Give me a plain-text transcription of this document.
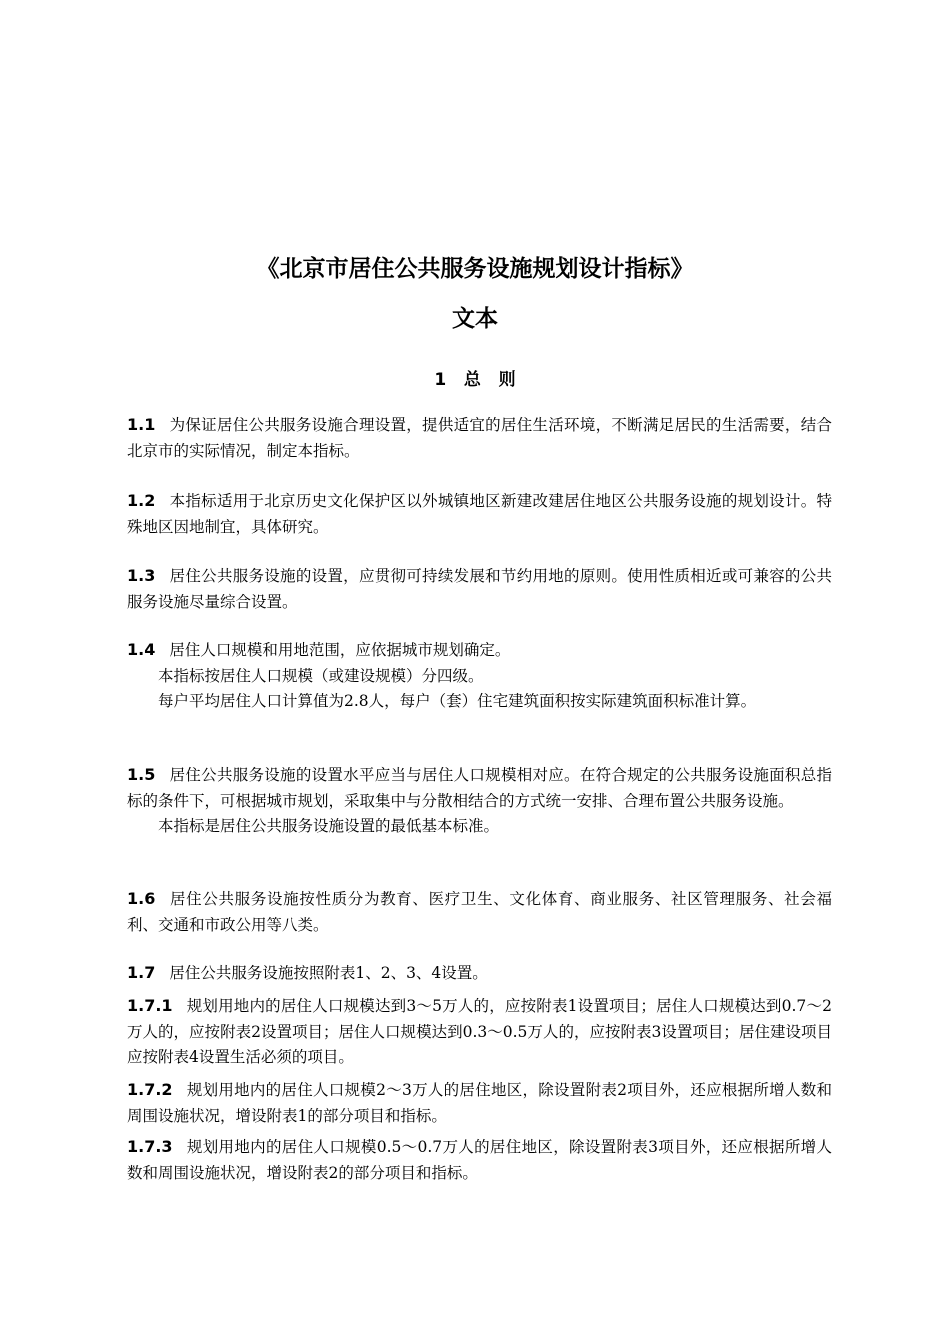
《北京市居住公共服务设施规划设计指标》
文本
1   总   则

1.1 为保证居住公共服务设施合理设置，提供适宜的居住生活环境，不断满足居民的生活需要，结合北京市的实际情况，制定本指标。

1.2 本指标适用于北京历史文化保护区以外城镇地区新建改建居住地区公共服务设施的规划设计。特殊地区因地制宜，具体研究。

1.3 居住公共服务设施的设置，应贯彻可持续发展和节约用地的原则。使用性质相近或可兼容的公共服务设施尽量综合设置。

1.4 居住人口规模和用地范围，应依据城市规划确定。

本指标按居住人口规模（或建设规模）分四级。

每户平均居住人口计算值为2.8人，每户（套）住宅建筑面积按实际建筑面积标准计算。

1.5 居住公共服务设施的设置水平应当与居住人口规模相对应。在符合规定的公共服务设施面积总指标的条件下，可根据城市规划，采取集中与分散相结合的方式统一安排、合理布置公共服务设施。

本指标是居住公共服务设施设置的最低基本标准。

1.6 居住公共服务设施按性质分为教育、医疗卫生、文化体育、商业服务、社区管理服务、社会福利、交通和市政公用等八类。

1.7 居住公共服务设施按照附表1、2、3、4设置。

1.7.1 规划用地内的居住人口规模达到3～5万人的，应按附表1设置项目；居住人口规模达到0.7～2万人的，应按附表2设置项目；居住人口规模达到0.3～0.5万人的，应按附表3设置项目；居住建设项目应按附表4设置生活必须的项目。

1.7.2 规划用地内的居住人口规模2～3万人的居住地区，除设置附表2项目外，还应根据所增人数和周围设施状况，增设附表1的部分项目和指标。

1.7.3 规划用地内的居住人口规模0.5～0.7万人的居住地区，除设置附表3项目外，还应根据所增人数和周围设施状况，增设附表2的部分项目和指标。
